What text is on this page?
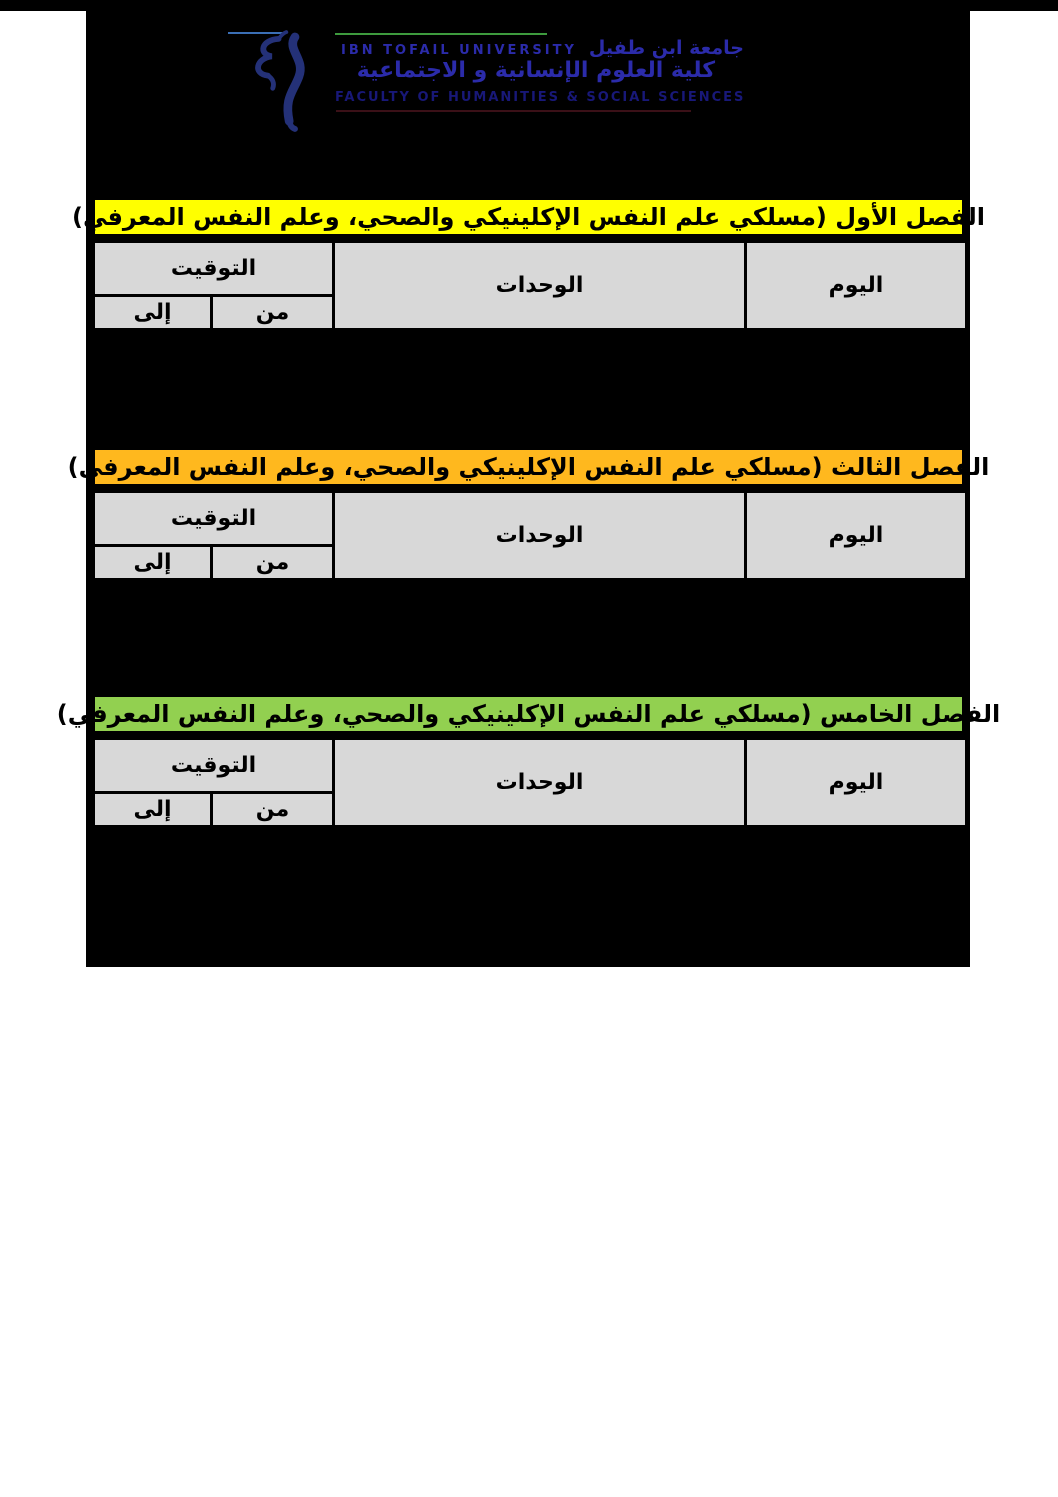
IBN TOFAIL UNIVERSITY جامعة ابن طفيل
كلية العلوم الإنسانية و الاجتماعية
FACULTY OF HUMANITIES & SOCIAL SCIENCES
الفصل الأول (مسلكي علم النفس الإكلينيكي والصحي، وعلم النفس المعرفي)
التوقيت		الوحدات	اليوم
إلى	من		
الفصل الثالث (مسلكي علم النفس الإكلينيكي والصحي، وعلم النفس المعرفي)
التوقيت		الوحدات	اليوم
إلى	من		
الفصل الخامس (مسلكي علم النفس الإكلينيكي والصحي، وعلم النفس المعرفي)
التوقيت		الوحدات	اليوم
إلى	من		
